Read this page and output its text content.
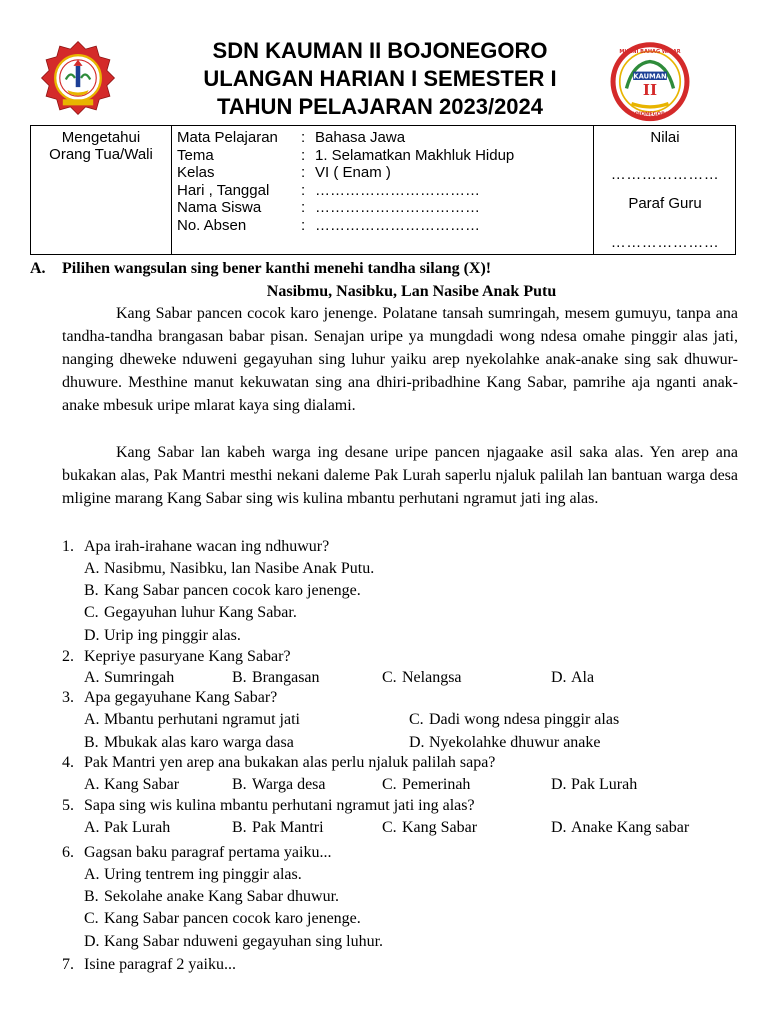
SDN KAUMAN II BOJONEGORO
ULANGAN HARIAN I SEMESTER I
TAHUN PELAJARAN 2023/2024
MURNI BAHAG WAJAR
KAUMAN
II
BOJONEGORO
Mengetahui
Orang Tua/Wali
Mata Pelajaran : Bahasa Jawa
Tema	: 1. Selamatkan Makhluk Hidup
Kelas	: VI ( Enam )
Hari , Tanggal : ……………………………
Nama Siswa	: ……………………………
No. Absen	: ……………………………
Nilai
…………………
Paraf Guru
…………………
A. Pilihen wangsulan sing bener kanthi menehi tandha silang (X)!
Nasibmu, Nasibku, Lan Nasibe Anak Putu

Kang Sabar pancen cocok karo jenenge. Polatane tansah sumringah, mesem gumuyu, tanpa ana tandha-tandha brangasan babar pisan. Senajan uripe ya mungdadi wong ndesa omahe pinggir alas jati, nanging dheweke nduweni gegayuhan sing luhur yaiku arep nyekolahke anak-anake sing sak dhuwur-dhuwure. Mesthine manut kekuwatan sing ana dhiri-pribadhine Kang Sabar, pamrihe aja nganti anak-anake mbesuk uripe mlarat kaya sing dialami.

Kang Sabar lan kabeh warga ing desane uripe pancen njagaake asil saka alas. Yen arep ana bukakan alas, Pak Mantri mesthi nekani daleme Pak Lurah saperlu njaluk palilah lan bantuan warga desa mligine marang Kang Sabar sing wis kulina mbantu perhutani ngramut jati ing alas.

1. Apa irah-irahane wacan ing ndhuwur?
A. Nasibmu, Nasibku, lan Nasibe Anak Putu.
B. Kang Sabar pancen cocok karo jenenge.
C. Gegayuhan luhur Kang Sabar.
D. Urip ing pinggir alas.
2. Kepriye pasuryane Kang Sabar?
A. Sumringah	B. Brangasan	C. Nelangsa	D. Ala
3. Apa gegayuhane Kang Sabar?
A. Mbantu perhutani ngramut jati	C. Dadi wong ndesa pinggir alas
B. Mbukak alas karo warga dasa	D. Nyekolahke dhuwur anake
4. Pak Mantri yen arep ana bukakan alas perlu njaluk palilah sapa?
A. Kang Sabar	B. Warga desa	C. Pemerinah	D. Pak Lurah
5. Sapa sing wis kulina mbantu perhutani ngramut jati ing alas?
A. Pak Lurah	B. Pak Mantri	C. Kang Sabar	D. Anake Kang sabar
6. Gagsan baku paragraf pertama yaiku...
A. Uring tentrem ing pinggir alas.
B. Sekolahe anake Kang Sabar dhuwur.
C. Kang Sabar pancen cocok karo jenenge.
D. Kang Sabar nduweni gegayuhan sing luhur.
7. Isine paragraf 2 yaiku...
